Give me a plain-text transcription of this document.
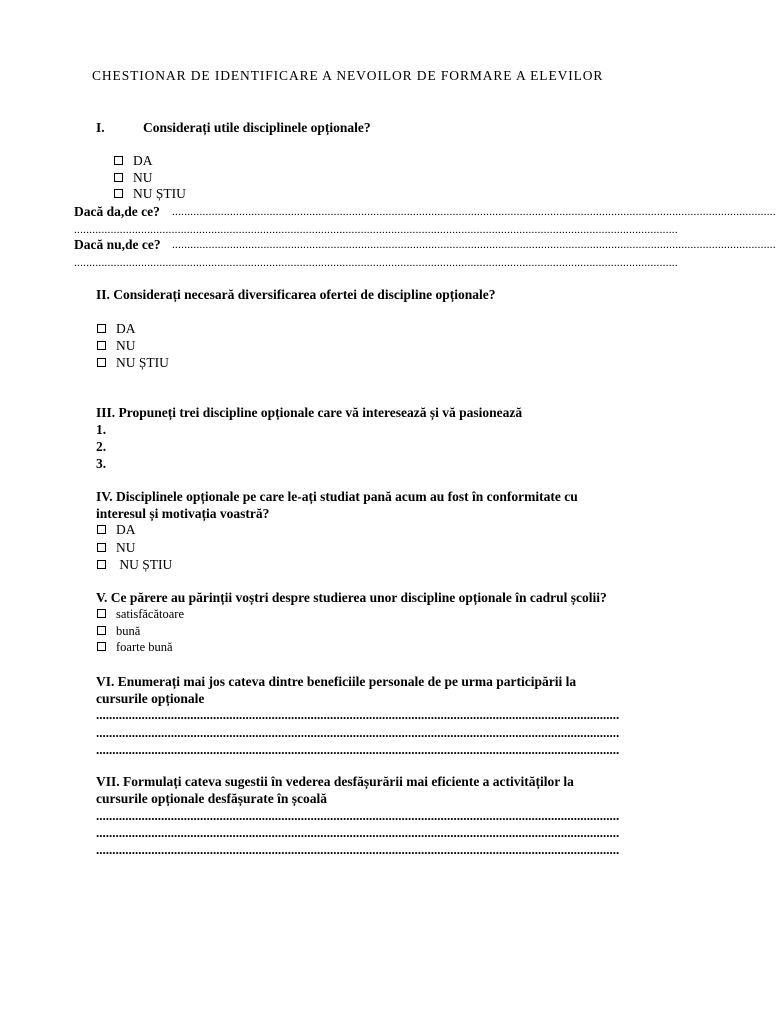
CHESTIONAR DE IDENTIFICARE A NEVOILOR DE FORMARE A ELEVILOR
I.	Considerați utile disciplinele opționale?
DA
NU
NU ȘTIU
Dacă da,de ce? ......................................................................................................................................................................................................
......................................................................................................................................................................................................
Dacă nu,de ce? ......................................................................................................................................................................................................
......................................................................................................................................................................................................
II. Considerați necesară diversificarea ofertei de discipline opționale?
DA
NU
NU ȘTIU
III. Propuneți trei discipline opționale care vă interesează și vă pasionează
1.
2.
3.
IV. Disciplinele opționale pe care le-ați studiat pană acum au fost în conformitate cu
interesul și motivația voastră?
DA
NU
NU ȘTIU
V. Ce părere au părinții voștri despre studierea unor discipline opționale în cadrul școlii?
satisfăcătoare
bună
foarte bună
VI. Enumerați mai jos cateva dintre beneficiile personale de pe urma participării la
cursurile opționale
.................................................................................................................................................................
.................................................................................................................................................................
.................................................................................................................................................................
VII. Formulați cateva sugestii în vederea desfășurării mai eficiente a activităților la
cursurile opționale desfășurate în școală
.................................................................................................................................................................
.................................................................................................................................................................
.................................................................................................................................................................
